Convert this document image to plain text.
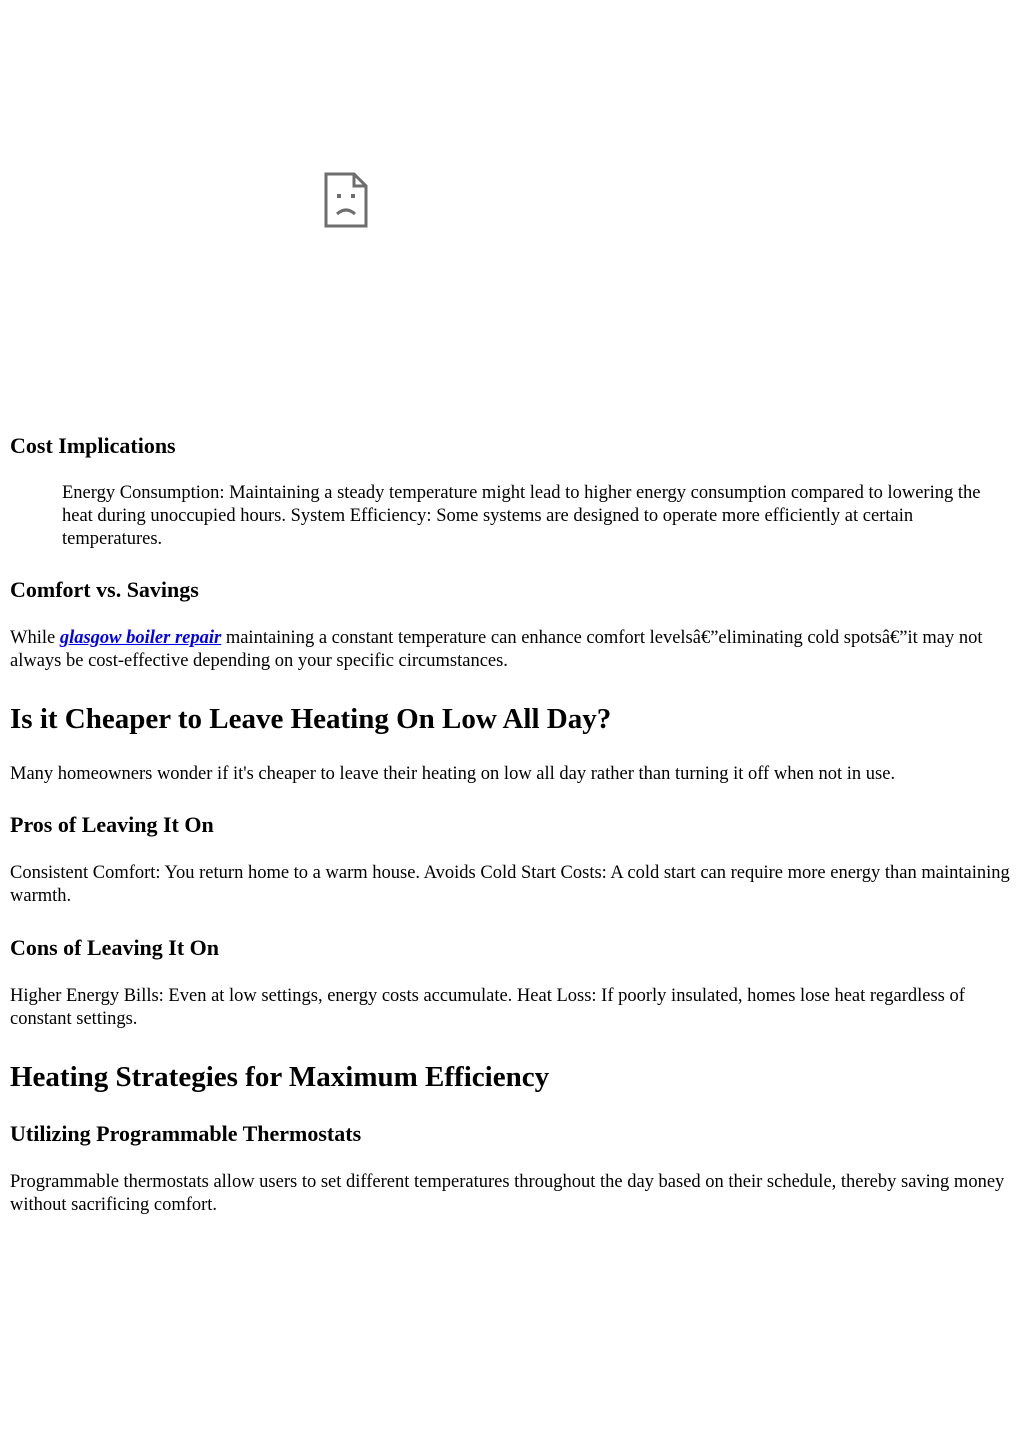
Cost Implications

Energy Consumption: Maintaining a steady temperature might lead to higher energy consumption compared to lowering the heat during unoccupied hours. System Efficiency: Some systems are designed to operate more efficiently at certain temperatures.

Comfort vs. Savings

While glasgow boiler repair maintaining a constant temperature can enhance comfort levelsâ€”eliminating cold spotsâ€”it may not always be cost-effective depending on your specific circumstances.

Is it Cheaper to Leave Heating On Low All Day?

Many homeowners wonder if it's cheaper to leave their heating on low all day rather than turning it off when not in use.

Pros of Leaving It On

Consistent Comfort: You return home to a warm house. Avoids Cold Start Costs: A cold start can require more energy than maintaining warmth.

Cons of Leaving It On

Higher Energy Bills: Even at low settings, energy costs accumulate. Heat Loss: If poorly insulated, homes lose heat regardless of constant settings.

Heating Strategies for Maximum Efficiency
Utilizing Programmable Thermostats

Programmable thermostats allow users to set different temperatures throughout the day based on their schedule, thereby saving money without sacrificing comfort.
